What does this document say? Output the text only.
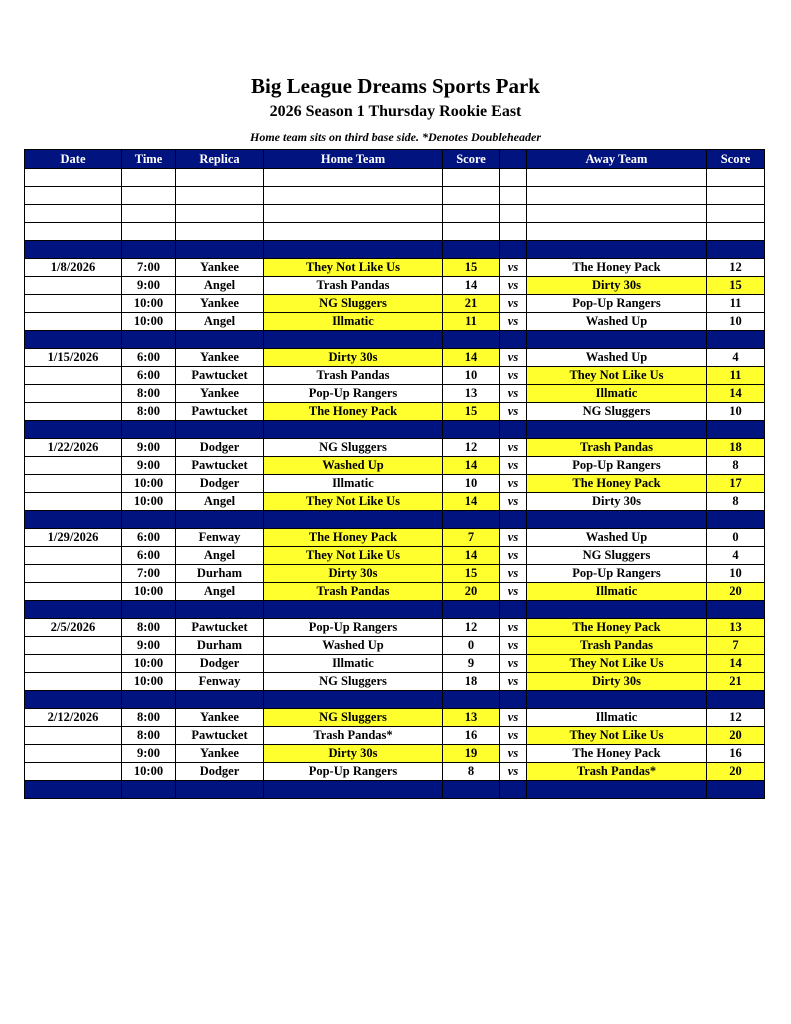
Big League Dreams Sports Park
2026 Season 1 Thursday Rookie East
Home team sits on third base side. *Denotes Doubleheader
Date	Time	Replica	Home Team	Score		Away Team	Score

1/8/2026	7:00	Yankee	They Not Like Us	15	vs	The Honey Pack	12
	9:00	Angel	Trash Pandas	14	vs	Dirty 30s	15
	10:00	Yankee	NG Sluggers	21	vs	Pop-Up Rangers	11
	10:00	Angel	Illmatic	11	vs	Washed Up	10

1/15/2026	6:00	Yankee	Dirty 30s	14	vs	Washed Up	4
	6:00	Pawtucket	Trash Pandas	10	vs	They Not Like Us	11
	8:00	Yankee	Pop-Up Rangers	13	vs	Illmatic	14
	8:00	Pawtucket	The Honey Pack	15	vs	NG Sluggers	10

1/22/2026	9:00	Dodger	NG Sluggers	12	vs	Trash Pandas	18
	9:00	Pawtucket	Washed Up	14	vs	Pop-Up Rangers	8
	10:00	Dodger	Illmatic	10	vs	The Honey Pack	17
	10:00	Angel	They Not Like Us	14	vs	Dirty 30s	8

1/29/2026	6:00	Fenway	The Honey Pack	7	vs	Washed Up	0
	6:00	Angel	They Not Like Us	14	vs	NG Sluggers	4
	7:00	Durham	Dirty 30s	15	vs	Pop-Up Rangers	10
	10:00	Angel	Trash Pandas	20	vs	Illmatic	20

2/5/2026	8:00	Pawtucket	Pop-Up Rangers	12	vs	The Honey Pack	13
	9:00	Durham	Washed Up	0	vs	Trash Pandas	7
	10:00	Dodger	Illmatic	9	vs	They Not Like Us	14
	10:00	Fenway	NG Sluggers	18	vs	Dirty 30s	21

2/12/2026	8:00	Yankee	NG Sluggers	13	vs	Illmatic	12
	8:00	Pawtucket	Trash Pandas*	16	vs	They Not Like Us	20
	9:00	Yankee	Dirty 30s	19	vs	The Honey Pack	16
	10:00	Dodger	Pop-Up Rangers	8	vs	Trash Pandas*	20
